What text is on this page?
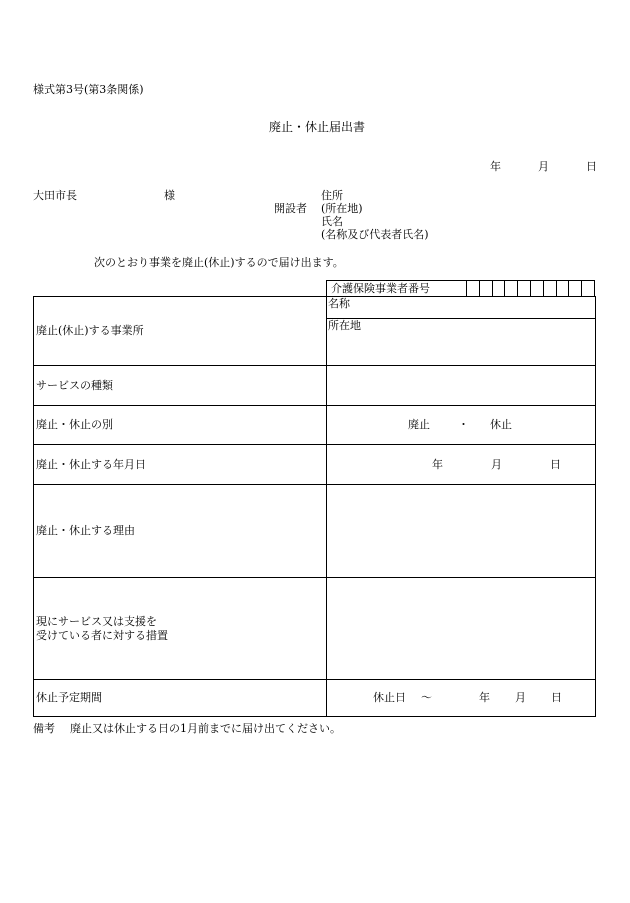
様式第3号(第3条関係)
廃止・休止届出書
年	月	日
大田市長	様
開設者
住所
(所在地)
氏名
(名称及び代表者氏名)
次のとおり事業を廃止(休止)するので届け出ます。
介護保険事業者番号
廃止(休止)する事業所	名称
	所在地
サービスの種類	
廃止・休止の別	廃止 ・ 休止

廃止・休止する年月日	年 月 日

廃止・休止する理由	

現にサービス又は支援を
受けている者に対する措置	

休止予定期間	休止日 〜 年 月 日
備考 廃止又は休止する日の1月前までに届け出てください。
